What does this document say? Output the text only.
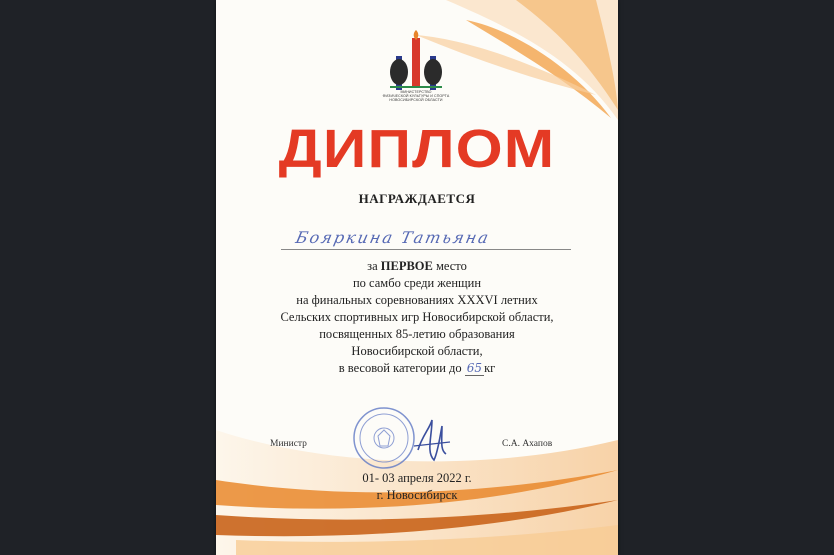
МИНИСТЕРСТВО
ФИЗИЧЕСКОЙ КУЛЬТУРЫ И СПОРТА
НОВОСИБИРСКОЙ ОБЛАСТИ
ДИПЛОМ
НАГРАЖДАЕТСЯ
Бояркина Татьяна
за ПЕРВОЕ место
по самбо среди женщин
на финальных соревнованиях XXXVI летних
Сельских спортивных игр Новосибирской области,
посвященных 85-летию образования
Новосибирской области,
в весовой категории до 65 кг
Министр	С.А. Ахапов
01- 03 апреля 2022 г.
г. Новосибирск
